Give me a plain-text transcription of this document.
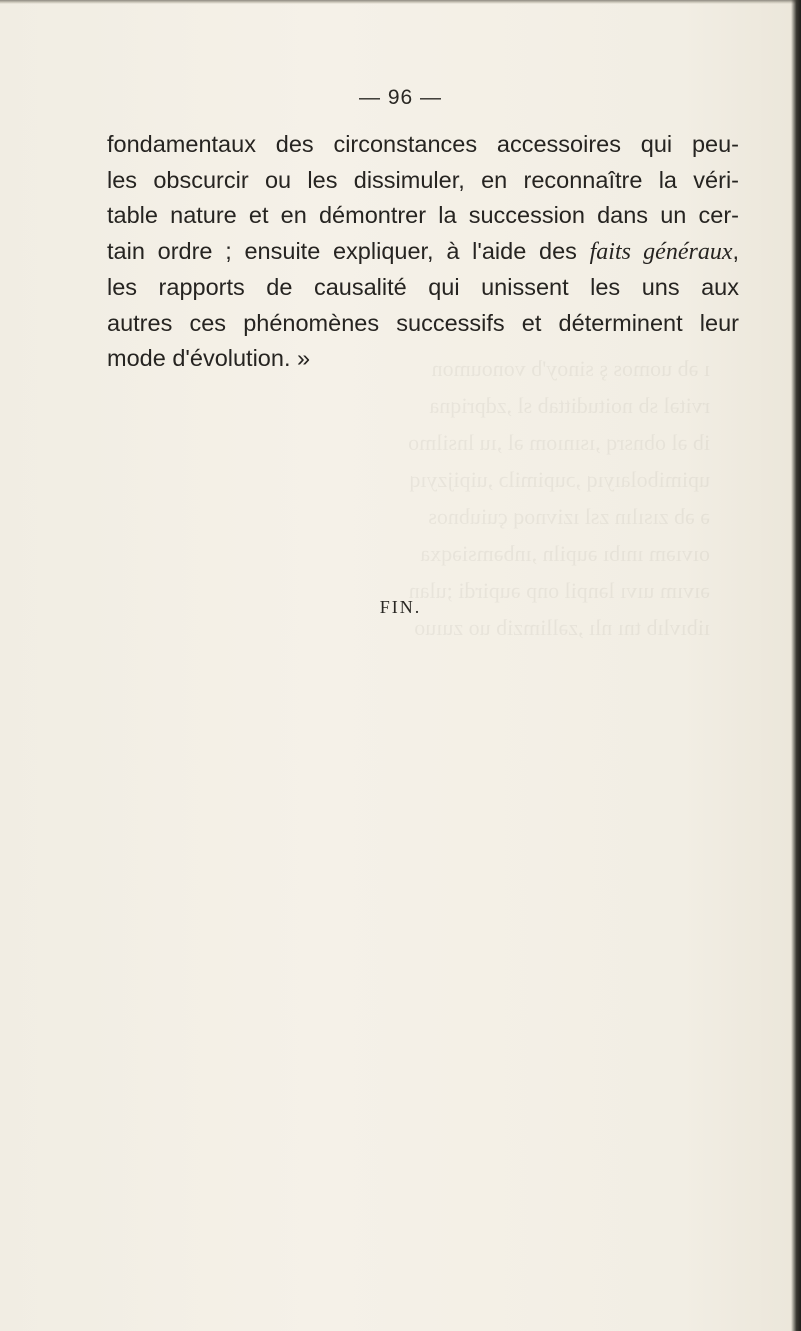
ı əb uomos ş sinoy'b vonoumon
rvitəl sb noitudittab sl ,zdpriqna
ib əl obnsrq ,ısınıom əl ,ıu lnsilmo
upimibolaıyıq ,ɔupimilɔ ,uipijzyıq
ə əb zısılın zsl ızivnoq çuiubnos
oıvıəm ınıbı əupiln ,ınbəmsiəqxa
əıvım uıvı lənpil onp əupirdi ;ulan
ıibıvlıb tnı nlı ,zəllimzib uo zuıuo
— 96 —
fondamentaux des circonstances accessoires qui peu-
les obscurcir ou les dissimuler, en reconnaître la véri-
table nature et en démontrer la succession dans un cer-
tain ordre ; ensuite expliquer, à l'aide des faits généraux,
les rapports de causalité qui unissent les uns aux
autres ces phénomènes successifs et déterminent leur
mode d'évolution. »
FIN.
